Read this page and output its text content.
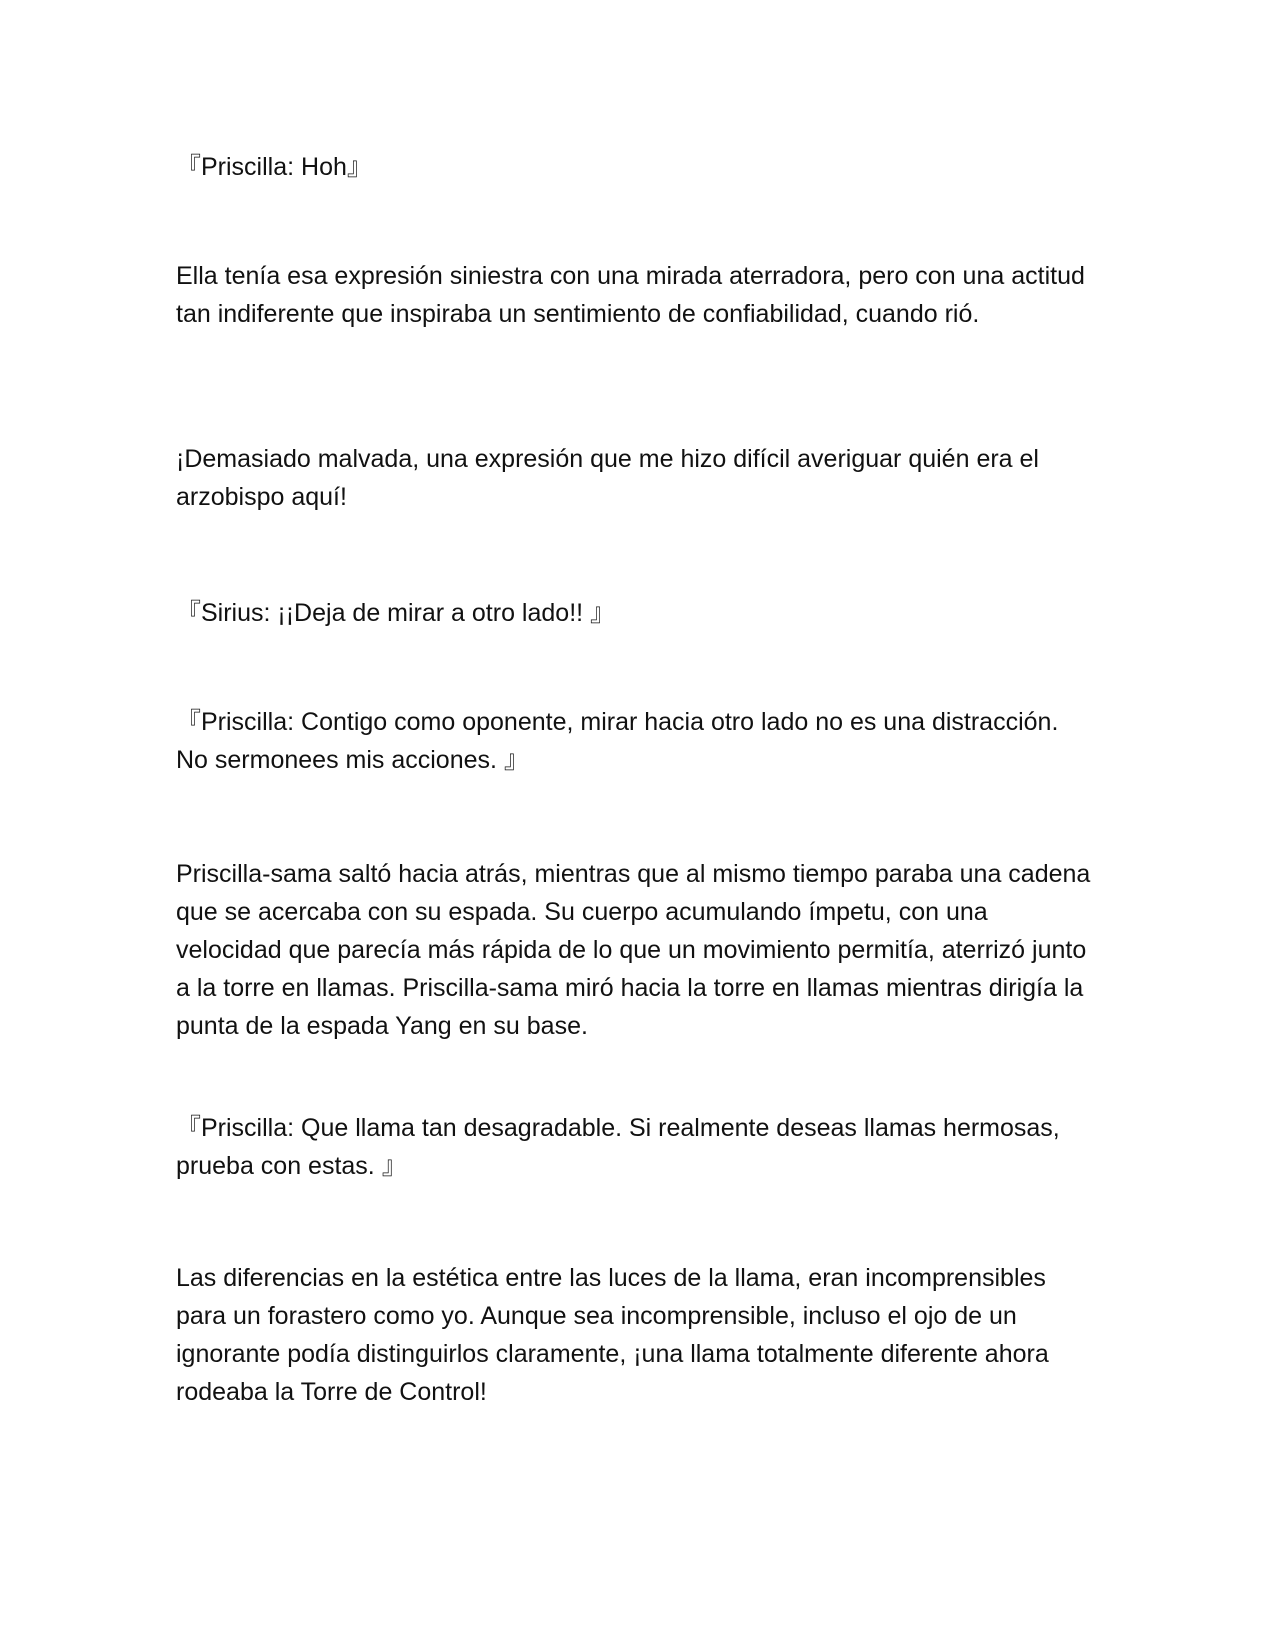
『Priscilla: Hoh』

Ella tenía esa expresión siniestra con una mirada aterradora, pero con una actitud tan indiferente que inspiraba un sentimiento de confiabilidad, cuando rió.

¡Demasiado malvada, una expresión que me hizo difícil averiguar quién era el arzobispo aquí!

『Sirius: ¡¡Deja de mirar a otro lado!! 』

『Priscilla: Contigo como oponente, mirar hacia otro lado no es una distracción. No sermonees mis acciones. 』

Priscilla-sama saltó hacia atrás, mientras que al mismo tiempo paraba una cadena que se acercaba con su espada. Su cuerpo acumulando ímpetu, con una velocidad que parecía más rápida de lo que un movimiento permitía, aterrizó junto a la torre en llamas. Priscilla-sama miró hacia la torre en llamas mientras dirigía la punta de la espada Yang en su base.

『Priscilla: Que llama tan desagradable. Si realmente deseas llamas hermosas, prueba con estas. 』

Las diferencias en la estética entre las luces de la llama, eran incomprensibles para un forastero como yo. Aunque sea incomprensible, incluso el ojo de un ignorante podía distinguirlos claramente, ¡una llama totalmente diferente ahora rodeaba la Torre de Control!
